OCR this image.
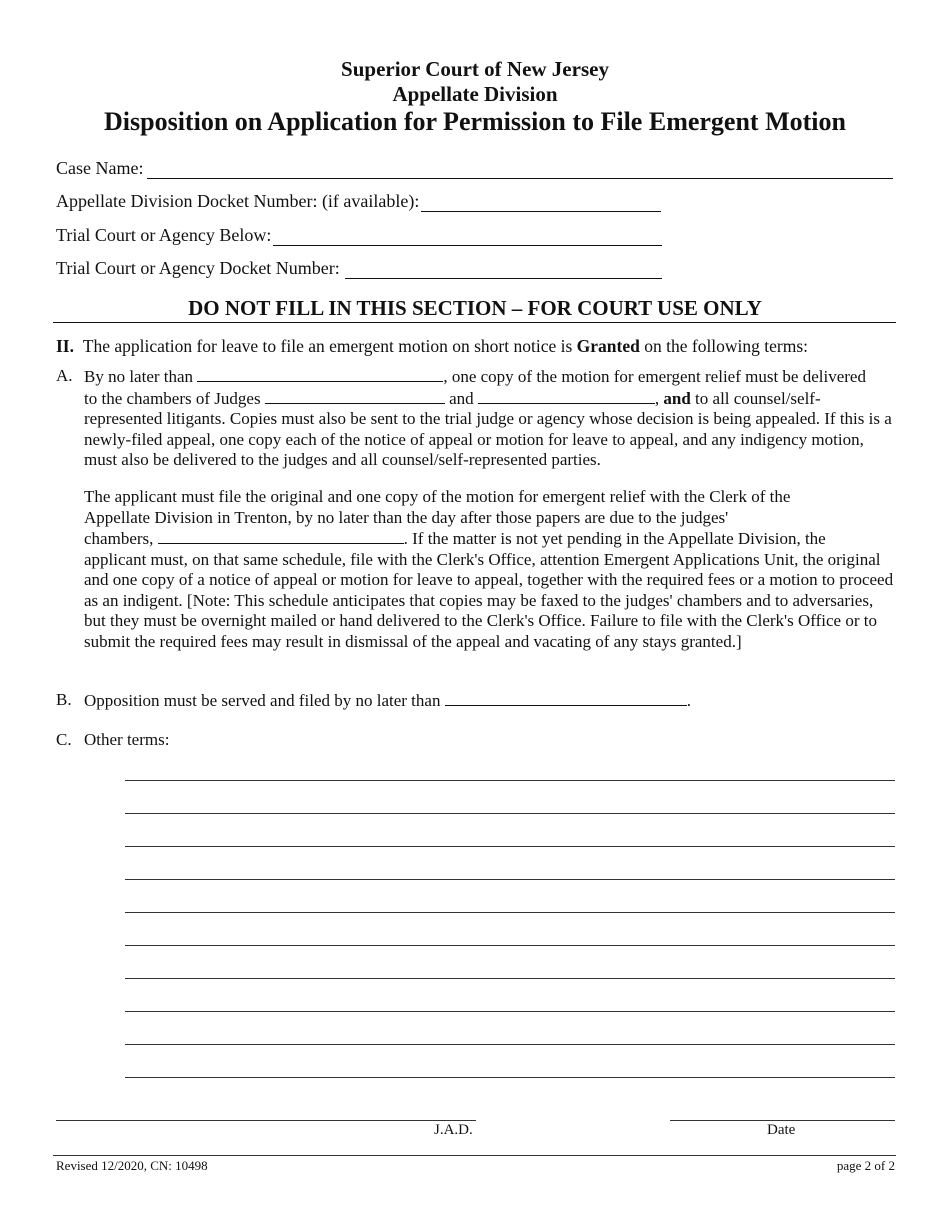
Superior Court of New Jersey
Appellate Division
Disposition on Application for Permission to File Emergent Motion
Case Name:
Appellate Division Docket Number: (if available):
Trial Court or Agency Below:
Trial Court or Agency Docket Number:
DO NOT FILL IN THIS SECTION – FOR COURT USE ONLY
II. The application for leave to file an emergent motion on short notice is Granted on the following terms:
A. By no later than	, one copy of the motion for emergent relief must be delivered
to the chambers of Judges	and	, and to all counsel/self-
represented litigants. Copies must also be sent to the trial judge or agency whose decision is being appealed. If this is a newly-filed appeal, one copy each of the notice of appeal or motion for leave to appeal, and any indigency motion, must also be delivered to the judges and all counsel/self-represented parties.
The applicant must file the original and one copy of the motion for emergent relief with the Clerk of the
Appellate Division in Trenton, by no later than the day after those papers are due to the judges'
chambers,	. If the matter is not yet pending in the Appellate Division, the
applicant must, on that same schedule, file with the Clerk's Office, attention Emergent Applications Unit, the original and one copy of a notice of appeal or motion for leave to appeal, together with the required fees or a motion to proceed as an indigent. [Note: This schedule anticipates that copies may be faxed to the judges' chambers and to adversaries, but they must be overnight mailed or hand delivered to the Clerk's Office. Failure to file with the Clerk's Office or to submit the required fees may result in dismissal of the appeal and vacating of any stays granted.]
B. Opposition must be served and filed by no later than	.
C. Other terms:
J.A.D.	Date
Revised 12/2020, CN: 10498	page 2 of 2
